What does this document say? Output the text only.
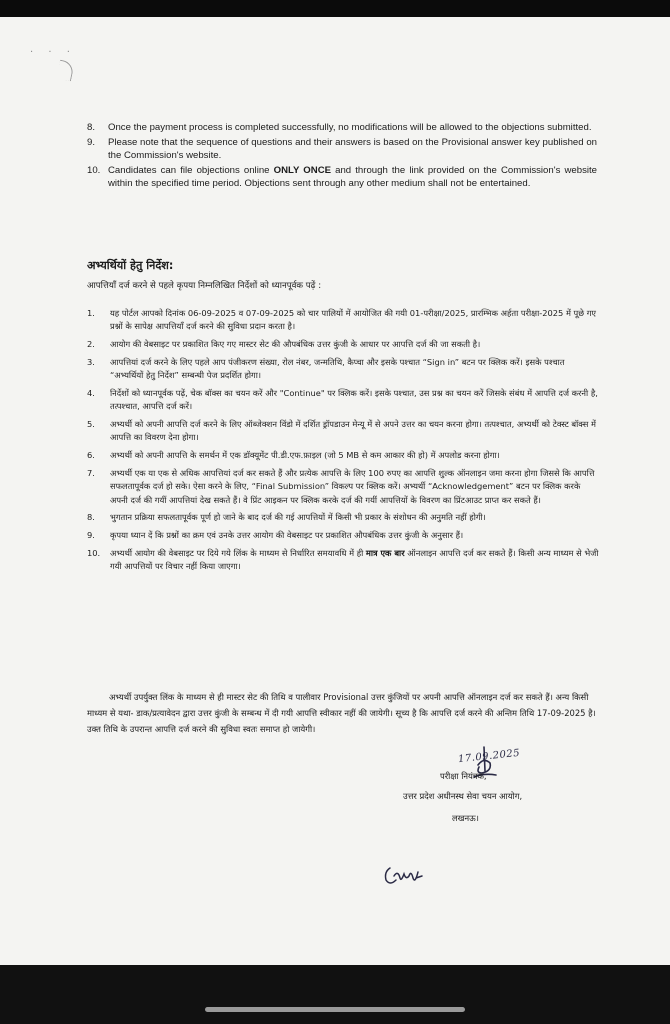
· · ·
8. Once the payment process is completed successfully, no modifications will be allowed to the objections submitted.
9. Please note that the sequence of questions and their answers is based on the Provisional answer key published on the Commission's website.
10. Candidates can file objections online ONLY ONCE and through the link provided on the Commission's website within the specified time period. Objections sent through any other medium shall not be entertained.
अभ्यर्थियों हेतु निर्देश:
आपत्तियाँ दर्ज करने से पहले कृपया निम्नलिखित निर्देशों को ध्यानपूर्वक पढ़ें :
1. यह पोर्टल आपको दिनांक 06-09-2025 व 07-09-2025 को चार पालियों में आयोजित की गयी 01-परीक्षा/2025, प्रारम्भिक अर्हता परीक्षा-2025 में पूछे गए प्रश्नों के सापेक्ष आपत्तियाँ दर्ज करने की सुविधा प्रदान करता है।
2. आयोग की वेबसाइट पर प्रकाशित किए गए मास्टर सेट की औपबंधिक उत्तर कुंजी के आधार पर आपत्ति दर्ज की जा सकती है।
3. आपत्तियां दर्ज करने के लिए पहले आप पंजीकरण संख्या, रोल नंबर, जन्मतिथि, कैप्चा और इसके पश्चात “Sign in” बटन पर क्लिक करें। इसके पश्चात “अभ्यर्थियों हेतु निर्देश” सम्बन्धी पेज प्रदर्शित होगा।
4. निर्देशों को ध्यानपूर्वक पढ़ें, चेक बॉक्स का चयन करें और "Continue" पर क्लिक करें। इसके पश्चात, उस प्रश्न का चयन करें जिसके संबंध में आपत्ति दर्ज करनी है, तत्पश्चात, आपत्ति दर्ज करें।
5. अभ्यर्थी को अपनी आपत्ति दर्ज करने के लिए ऑब्जेक्शन विंडो में दर्शित ड्रॉपडाउन मेन्यू में से अपने उत्तर का चयन करना होगा। तत्पश्चात, अभ्यर्थी को टेक्स्ट बॉक्स में आपत्ति का विवरण देना होगा।
6. अभ्यर्थी को अपनी आपत्ति के समर्थन में एक डॉक्यूमेंट पी.डी.एफ.फ़ाइल (जो 5 MB से कम आकार की हो) में अपलोड करना होगा।
7. अभ्यर्थी एक या एक से अधिक आपत्तियां दर्ज कर सकते हैं और प्रत्येक आपत्ति के लिए 100 रुपए का आपत्ति शुल्क ऑनलाइन जमा करना होगा जिससे कि आपत्ति सफलतापूर्वक दर्ज हो सके। ऐसा करने के लिए, “Final Submission” विकल्प पर क्लिक करें। अभ्यर्थी “Acknowledgement” बटन पर क्लिक करके अपनी दर्ज की गयीं आपत्तियां देख सकते हैं। वे प्रिंट आइकन पर क्लिक करके दर्ज की गयीं आपत्तियों के विवरण का प्रिंटआउट प्राप्त कर सकते हैं।
8. भुगतान प्रक्रिया सफलतापूर्वक पूर्ण हो जाने के बाद दर्ज की गई आपत्तियों में किसी भी प्रकार के संशोधन की अनुमति नहीं होगी।
9. कृपया ध्यान दें कि प्रश्नों का क्रम एवं उनके उत्तर आयोग की वेबसाइट पर प्रकाशित औपबंधिक उत्तर कुंजी के अनुसार हैं।
10. अभ्यर्थी आयोग की वेबसाइट पर दिये गये लिंक के माध्यम से निर्धारित समयावधि में ही मात्र एक बार ऑनलाइन आपत्ति दर्ज कर सकते हैं। किसी अन्य माध्यम से भेजी गयी आपत्तियों पर विचार नहीं किया जाएगा।
अभ्यर्थी उपर्युक्त लिंक के माध्यम से ही मास्टर सेट की तिथि व पालीवार Provisional उत्तर कुंजियों पर अपनी आपत्ति ऑनलाइन दर्ज कर सकते हैं। अन्य किसी माध्यम से यथा- डाक/प्रत्यावेदन द्वारा उत्तर कुंजी के सम्बन्ध में दी गयी आपत्ति स्वीकार नहीं की जायेगी। सूच्य है कि आपत्ति दर्ज करने की अन्तिम तिथि 17-09-2025 है। उक्त तिथि के उपरान्त आपत्ति दर्ज करने की सुविधा स्वतः समाप्त हो जायेगी।
17.09.2025
परीक्षा नियंत्रक,
उत्तर प्रदेश अधीनस्थ सेवा चयन आयोग,
लखनऊ।
